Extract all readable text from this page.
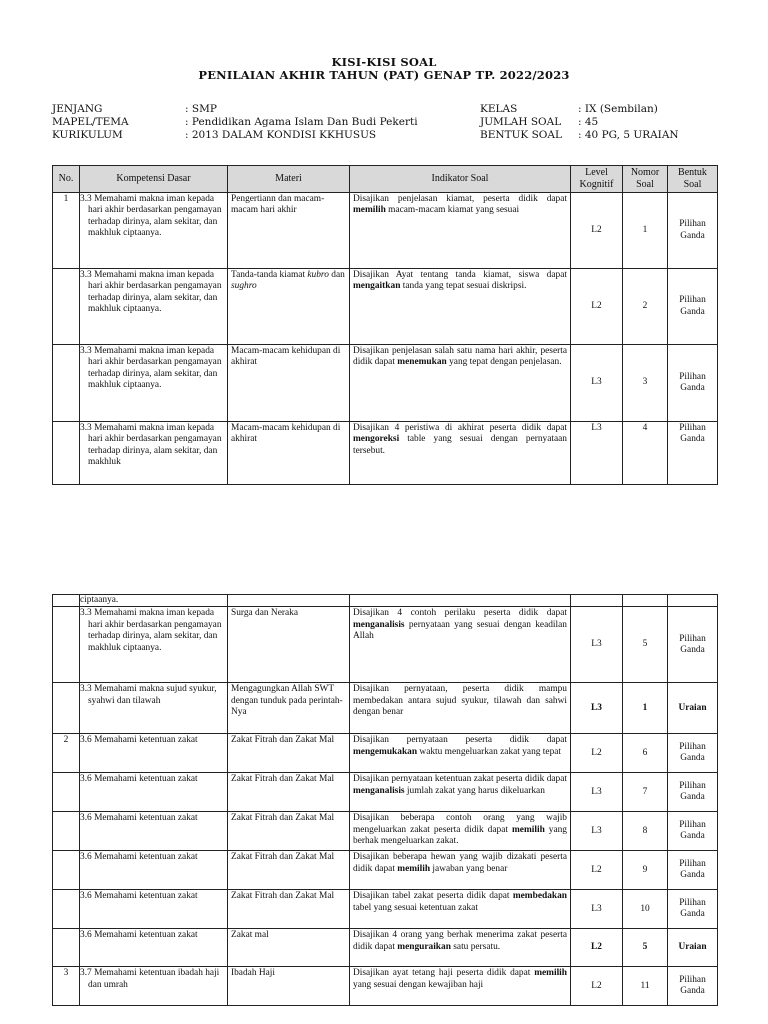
KISI-KISI SOAL
PENILAIAN AKHIR TAHUN (PAT) GENAP TP. 2022/2023
JENJANG	: SMP
MAPEL/TEMA	: Pendidikan Agama Islam Dan Budi Pekerti
KURIKULUM	: 2013 DALAM KONDISI KKHUSUS
KELAS	: IX (Sembilan)
JUMLAH SOAL	: 45
BENTUK SOAL	: 40 PG, 5 URAIAN
No.	Kompetensi Dasar	Materi	Indikator Soal	Level Kognitif	Nomor Soal	Bentuk Soal
1	3.3 Memahami makna iman kepada hari akhir berdasarkan pengamayan terhadap dirinya, alam sekitar, dan makhluk ciptaanya.	Pengertiann dan macam-macam hari akhir	Disajikan penjelasan kiamat, peserta didik dapat memilih macam-macam kiamat yang sesuai	L2	1	Pilihan Ganda
	3.3 Memahami makna iman kepada hari akhir berdasarkan pengamayan terhadap dirinya, alam sekitar, dan makhluk ciptaanya.	Tanda-tanda kiamat kubro dan sughro	Disajikan Ayat tentang tanda kiamat, siswa dapat mengaitkan tanda yang tepat sesuai diskripsi.	L2	2	Pilihan Ganda
	3.3 Memahami makna iman kepada hari akhir berdasarkan pengamayan terhadap dirinya, alam sekitar, dan makhluk ciptaanya.	Macam-macam kehidupan di akhirat	Disajikan penjelasan salah satu nama hari akhir, peserta didik dapat menemukan yang tepat dengan penjelasan.	L3	3	Pilihan Ganda
	3.3 Memahami makna iman kepada hari akhir berdasarkan pengamayan terhadap dirinya, alam sekitar, dan makhluk	Macam-macam kehidupan di akhirat	Disajikan 4 peristiwa di akhirat peserta didik dapat mengoreksi table yang sesuai dengan pernyataan tersebut.	L3	4	Pilihan Ganda
	ciptaanya.					
	3.3 Memahami makna iman kepada hari akhir berdasarkan pengamayan terhadap dirinya, alam sekitar, dan makhluk ciptaanya.	Surga dan Neraka	Disajikan 4 contoh perilaku peserta didik dapat menganalisis pernyataan yang sesuai dengan keadilan Allah	L3	5	Pilihan Ganda
	3.3 Memahami makna sujud syukur, syahwi dan tilawah	Mengagungkan Allah SWT dengan tunduk pada perintah-Nya	Disajikan pernyataan, peserta didik mampu membedakan antara sujud syukur, tilawah dan sahwi dengan benar	L3	1	Uraian
2	3.6 Memahami ketentuan zakat	Zakat Fitrah dan Zakat Mal	Disajikan pernyataan peserta didik dapat mengemukakan waktu mengeluarkan zakat yang tepat	L2	6	Pilihan Ganda
	3.6 Memahami ketentuan zakat	Zakat Fitrah dan Zakat Mal	Disajikan pernyataan ketentuan zakat peserta didik dapat menganalisis jumlah zakat yang harus dikeluarkan	L3	7	Pilihan Ganda
	3.6 Memahami ketentuan zakat	Zakat Fitrah dan Zakat Mal	Disajikan beberapa contoh orang yang wajib mengeluarkan zakat peserta didik dapat memilih yang berhak mengeluarkan zakat.	L3	8	Pilihan Ganda
	3.6 Memahami ketentuan zakat	Zakat Fitrah dan Zakat Mal	Disajikan beberapa hewan yang wajib dizakati peserta didik dapat memilih jawaban yang benar	L2	9	Pilihan Ganda
	3.6 Memahami ketentuan zakat	Zakat Fitrah dan Zakat Mal	Disajikan tabel zakat peserta didik dapat membedakan tabel yang sesuai ketentuan zakat	L3	10	Pilihan Ganda
	3.6 Memahami ketentuan zakat	Zakat mal	Disajikan 4 orang yang berhak menerima zakat peserta didik dapat menguraikan satu persatu.	L2	5	Uraian
3	3.7 Memahami ketentuan ibadah haji dan umrah	Ibadah Haji	Disajikan ayat tetang haji peserta didik dapat memilih yang sesuai dengan kewajiban haji	L2	11	Pilihan Ganda
